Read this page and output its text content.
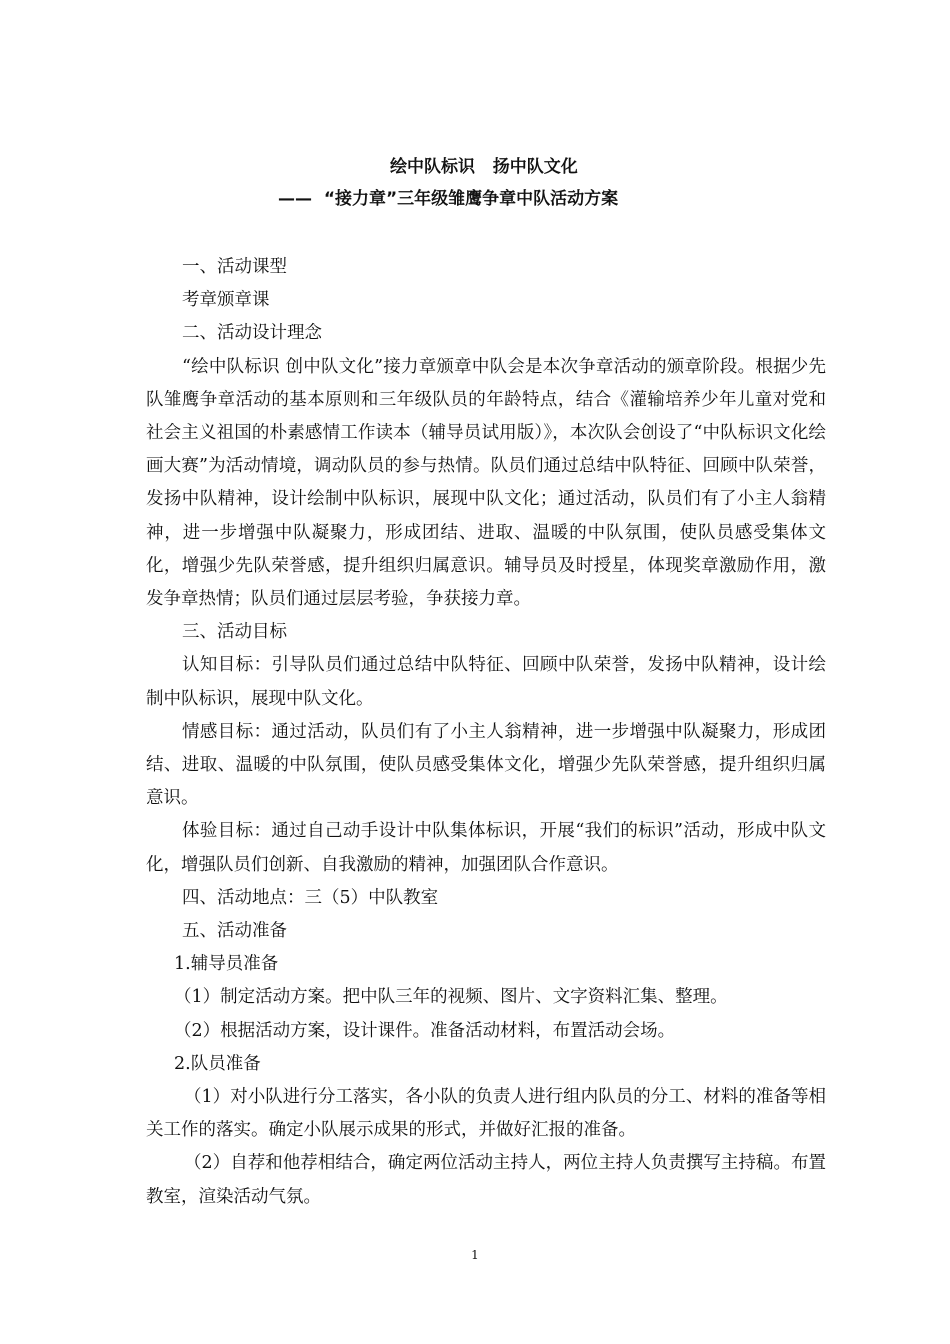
绘中队标识   扬中队文化
——  “接力章”三年级雏鹰争章中队活动方案

一、活动课型

考章颁章课

二、活动设计理念

“绘中队标识 创中队文化”接力章颁章中队会是本次争章活动的颁章阶段。根据少先队雏鹰争章活动的基本原则和三年级队员的年龄特点，结合《灌输培养少年儿童对党和社会主义祖国的朴素感情工作读本（辅导员试用版）》，本次队会创设了“中队标识文化绘画大赛”为活动情境，调动队员的参与热情。队员们通过总结中队特征、回顾中队荣誉，发扬中队精神，设计绘制中队标识，展现中队文化；通过活动，队员们有了小主人翁精神，进一步增强中队凝聚力，形成团结、进取、温暖的中队氛围，使队员感受集体文化，增强少先队荣誉感，提升组织归属意识。辅导员及时授星，体现奖章激励作用，激发争章热情；队员们通过层层考验，争获接力章。

三、活动目标

认知目标：引导队员们通过总结中队特征、回顾中队荣誉，发扬中队精神，设计绘制中队标识，展现中队文化。

情感目标：通过活动，队员们有了小主人翁精神，进一步增强中队凝聚力，形成团结、进取、温暖的中队氛围，使队员感受集体文化，增强少先队荣誉感，提升组织归属意识。

体验目标：通过自己动手设计中队集体标识，开展“我们的标识”活动，形成中队文化，增强队员们创新、自我激励的精神，加强团队合作意识。

四、活动地点：三（5）中队教室

五、活动准备

1.辅导员准备

（1）制定活动方案。把中队三年的视频、图片、文字资料汇集、整理。

（2）根据活动方案，设计课件。准备活动材料，布置活动会场。

2.队员准备

（1）对小队进行分工落实，各小队的负责人进行组内队员的分工、材料的准备等相关工作的落实。确定小队展示成果的形式，并做好汇报的准备。

（2）自荐和他荐相结合，确定两位活动主持人，两位主持人负责撰写主持稿。布置教室，渲染活动气氛。

1
